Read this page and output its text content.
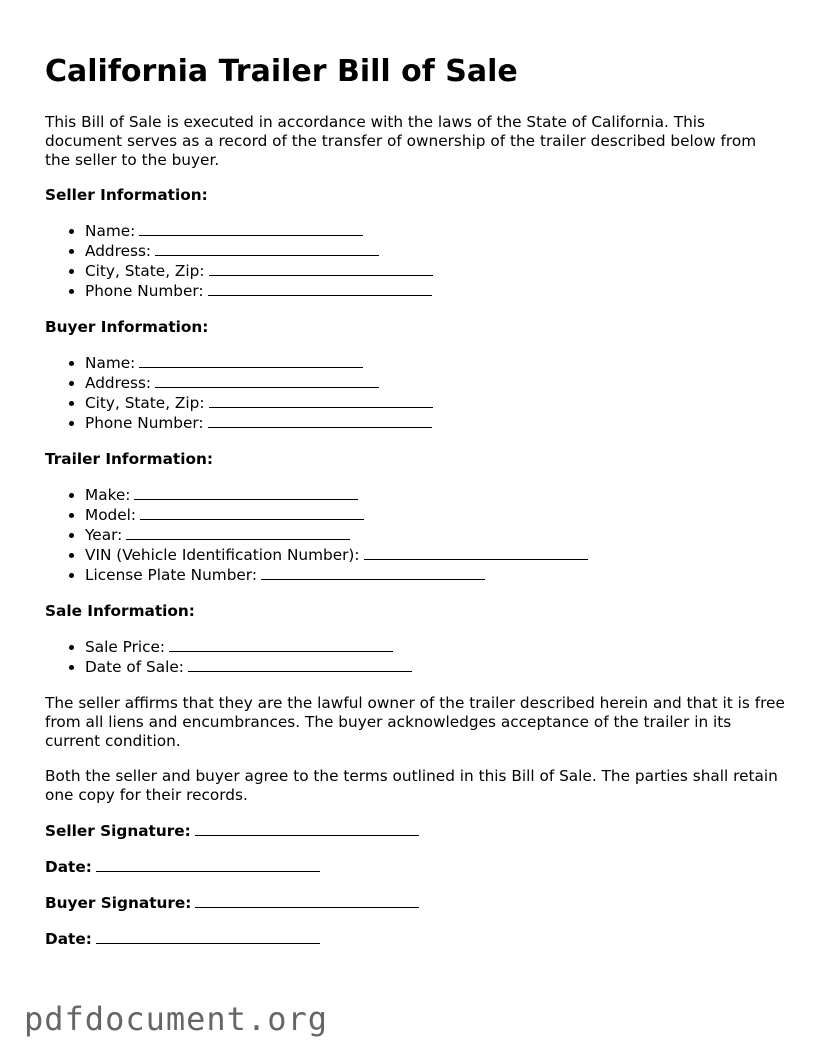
California Trailer Bill of Sale

This Bill of Sale is executed in accordance with the laws of the State of California. This document serves as a record of the transfer of ownership of the trailer described below from the seller to the buyer.

Seller Information:
• Name:
• Address:
• City, State, Zip:
• Phone Number:
Buyer Information:
• Name:
• Address:
• City, State, Zip:
• Phone Number:
Trailer Information:
• Make:
• Model:
• Year:
• VIN (Vehicle Identification Number):
• License Plate Number:
Sale Information:
• Sale Price:
• Date of Sale:

The seller affirms that they are the lawful owner of the trailer described herein and that it is free from all liens and encumbrances. The buyer acknowledges acceptance of the trailer in its current condition.

Both the seller and buyer agree to the terms outlined in this Bill of Sale. The parties shall retain one copy for their records.

Seller Signature:
Date:
Buyer Signature:
Date:
pdfdocument.org
